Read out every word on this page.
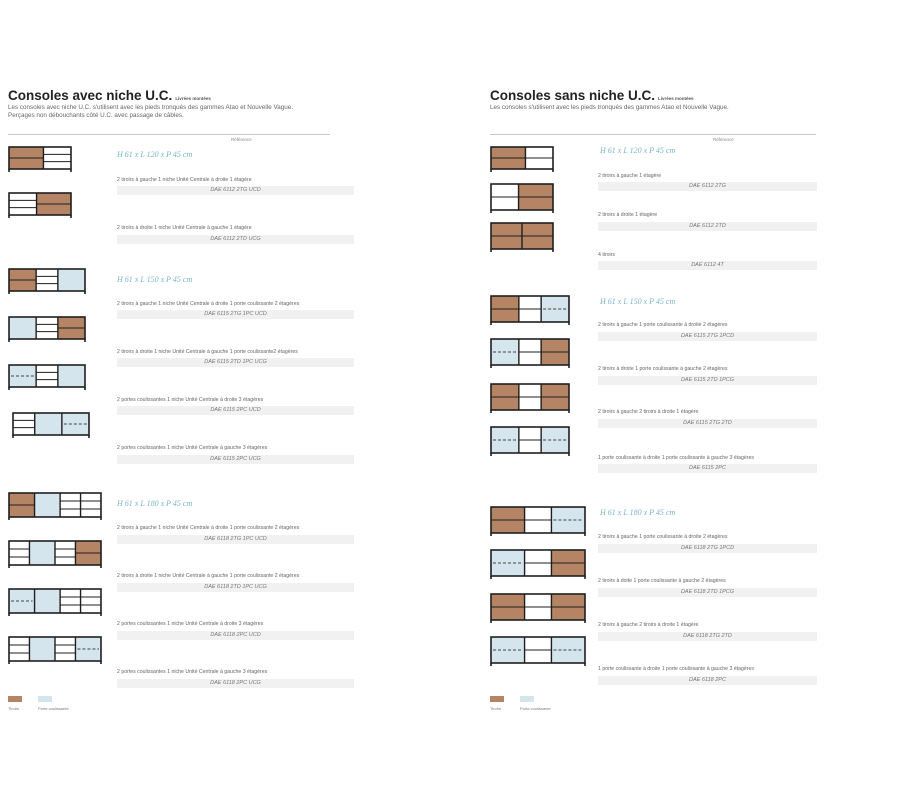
Consoles avec niche U.C. Livrées montées
Les consoles avec niche U.C. s'utilisent avec les pieds tronqués des gammes Atao et Nouvelle Vague.
Perçages non débouchants côté U.C. avec passage de câbles.
Référence
H 61 x L 120 x P 45 cm
2 tiroirs à gauche 1 niche Unité Centrale à droite 1 étagère
DAE 6112 2TG UCD
2 tiroirs à droite 1 niche Unité Centrale à gauche 1 étagère
DAE 6112 2TD UCG
H 61 x L 150 x P 45 cm
2 tiroirs à gauche 1 niche Unité Centrale à droite 1 porte coulissante 2 étagères
DAE 6115 2TG 1PC UCD
2 tiroirs à droite 1 niche Unité Centrale à gauche 1 porte coulissante2 étagères
DAE 6115 2TD 1PC UCG
2 portes coulissantes 1 niche Unité Centrale à droite 3 étagères
DAE 6115 2PC UCD
2 portes coulissantes 1 niche Unité Centrale à gauche 3 étagères
DAE 6115 2PC UCG
H 61 x L 180 x P 45 cm
2 tiroirs à gauche 1 niche Unité Centrale à droite 1 porte coulissante 2 étagères
DAE 6118 2TG 1PC UCD
2 tiroirs à droite 1 niche Unité Centrale à gauche 1 porte coulissante 2 étagères
DAE 6118 2TD 1PC UCG
2 portes coulissantes 1 niche Unité Centrale à droite 3 étagères
DAE 6118 2PC UCD
2 portes coulissantes 1 niche Unité Centrale à gauche 3 étagères
DAE 6118 2PC UCG
Tiroirs	Porte coulissante
Consoles sans niche U.C. Livrées montées
Les consoles s'utilisent avec les pieds tronqués des gammes Atao et Nouvelle Vague.
Référence
H 61 x L 120 x P 45 cm
2 tiroirs à gauche 1 étagère
DAE 6112 2TG
2 tiroirs à droite 1 étagère
DAE 6112 2TD
4 tiroirs
DAE 6112 4T
H 61 x L 150 x P 45 cm
2 tiroirs à gauche 1 porte coulissante à droite 2 étagères
DAE 6115 2TG 1PCD
2 tiroirs à droite 1 porte coulissante à gauche 2 étagères
DAE 6115 2TD 1PCG
2 tiroirs à gauche 2 tiroirs à droite 1 étagère
DAE 6115 2TG 2TD
1 porte coulissante à droite 1 porte coulissante à gauche 3 étagères
DAE 6115 2PC
H 61 x L 180 x P 45 cm
2 tiroirs à gauche 1 porte coulissante à droite 2 étagères
DAE 6118 2TG 1PCD
2 tiroirs à doite 1 porte coulissante à gauche 2 étagères
DAE 6118 2TD 1PCG
2 tiroirs à gauche 2 tiroirs à droite 1 étagère
DAE 6118 2TG 2TD
1 porte coulissante à droite 1 porte coulissante à gauche 3 étagères
DAE 6118 2PC
Tiroirs	Porte coulissante
